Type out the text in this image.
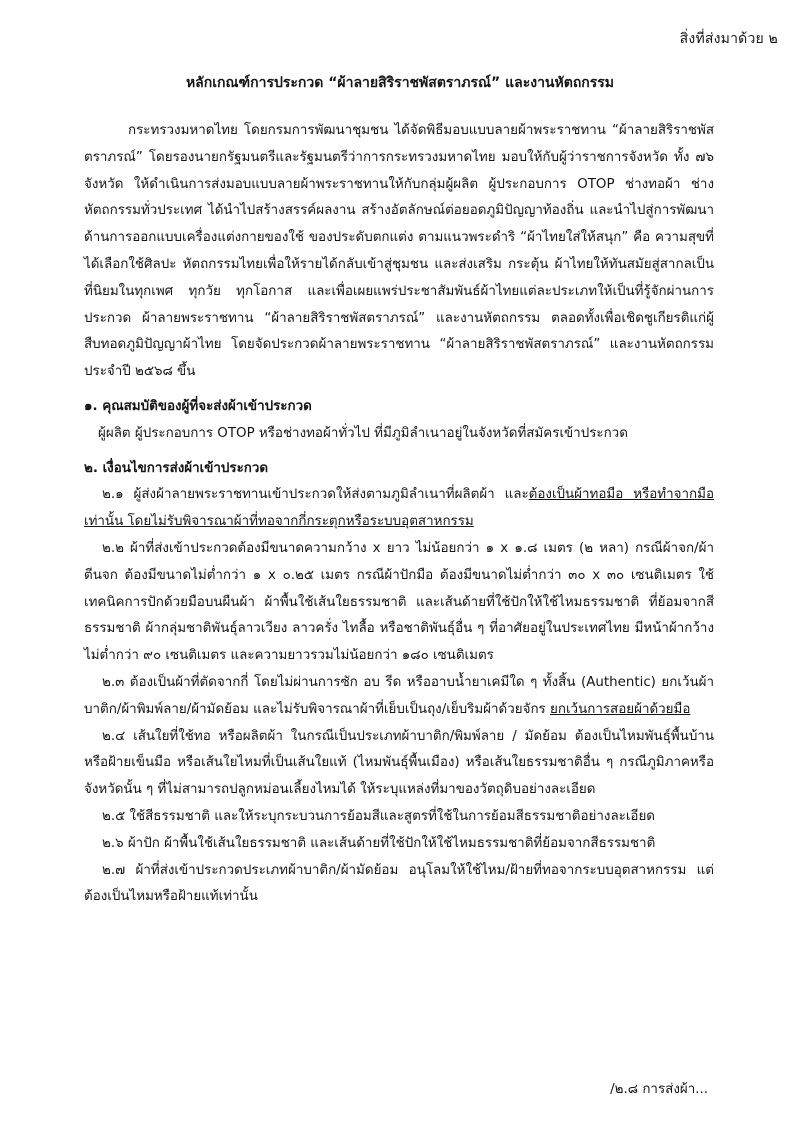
สิ่งที่ส่งมาด้วย ๒
หลักเกณฑ์การประกวด “ผ้าลายสิริราชพัสตราภรณ์” และงานหัตถกรรม

กระทรวงมหาดไทย โดยกรมการพัฒนาชุมชน ได้จัดพิธีมอบแบบลายผ้าพระราชทาน “ผ้าลายสิริราชพัสตราภรณ์” โดยรองนายกรัฐมนตรีและรัฐมนตรีว่าการกระทรวงมหาดไทย มอบให้กับผู้ว่าราชการจังหวัด ทั้ง ๗๖ จังหวัด ให้ดำเนินการส่งมอบแบบลายผ้าพระราชทานให้กับกลุ่มผู้ผลิต ผู้ประกอบการ OTOP ช่างทอผ้า ช่างหัตถกรรมทั่วประเทศ ได้นำไปสร้างสรรค์ผลงาน สร้างอัตลักษณ์ต่อยอดภูมิปัญญาท้องถิ่น และนำไปสู่การพัฒนาด้านการออกแบบเครื่องแต่งกายของใช้ ของประดับตกแต่ง ตามแนวพระดำริ “ผ้าไทยใส่ให้สนุก” คือ ความสุขที่ได้เลือกใช้ศิลปะ หัตถกรรมไทยเพื่อให้รายได้กลับเข้าสู่ชุมชน และส่งเสริม กระตุ้น ผ้าไทยให้ทันสมัยสู่สากลเป็นที่นิยมในทุกเพศ ทุกวัย ทุกโอกาส และเพื่อเผยแพร่ประชาสัมพันธ์ผ้าไทยแต่ละประเภทให้เป็นที่รู้จักผ่านการประกวด ผ้าลายพระราชทาน “ผ้าลายสิริราชพัสตราภรณ์” และงานหัตถกรรม ตลอดทั้งเพื่อเชิดชูเกียรติแก่ผู้สืบทอดภูมิปัญญาผ้าไทย โดยจัดประกวดผ้าลายพระราชทาน “ผ้าลายสิริราชพัสตราภรณ์” และงานหัตถกรรม ประจำปี ๒๕๖๘ ขึ้น

๑. คุณสมบัติของผู้ที่จะส่งผ้าเข้าประกวด

ผู้ผลิต ผู้ประกอบการ OTOP หรือช่างทอผ้าทั่วไป ที่มีภูมิลำเนาอยู่ในจังหวัดที่สมัครเข้าประกวด

๒. เงื่อนไขการส่งผ้าเข้าประกวด

๒.๑ ผู้ส่งผ้าลายพระราชทานเข้าประกวดให้ส่งตามภูมิลำเนาที่ผลิตผ้า และต้องเป็นผ้าทอมือ หรือทำจากมือเท่านั้น โดยไม่รับพิจารณาผ้าที่ทอจากกี่กระตุกหรือระบบอุตสาหกรรม

๒.๒ ผ้าที่ส่งเข้าประกวดต้องมีขนาดความกว้าง x ยาว ไม่น้อยกว่า ๑ x ๑.๘ เมตร (๒ หลา) กรณีผ้าจก/ผ้าตีนจก ต้องมีขนาดไม่ต่ำกว่า ๑ x ๐.๒๕ เมตร กรณีผ้าปักมือ ต้องมีขนาดไม่ต่ำกว่า ๓๐ x ๓๐ เซนติเมตร ใช้เทคนิคการปักด้วยมือบนผืนผ้า ผ้าพื้นใช้เส้นใยธรรมชาติ และเส้นด้ายที่ใช้ปักให้ใช้ไหมธรรมชาติ ที่ย้อมจากสีธรรมชาติ ผ้ากลุ่มชาติพันธุ์ลาวเวียง ลาวครั่ง ไทลื้อ หรือชาติพันธุ์อื่น ๆ ที่อาศัยอยู่ในประเทศไทย มีหน้าผ้ากว้างไม่ต่ำกว่า ๙๐ เซนติเมตร และความยาวรวมไม่น้อยกว่า ๑๘๐ เซนติเมตร

๒.๓ ต้องเป็นผ้าที่ตัดจากกี่ โดยไม่ผ่านการซัก อบ รีด หรืออาบน้ำยาเคมีใด ๆ ทั้งสิ้น (Authentic) ยกเว้นผ้าบาติก/ผ้าพิมพ์ลาย/ผ้ามัดย้อม และไม่รับพิจารณาผ้าที่เย็บเป็นถุง/เย็บริมผ้าด้วยจักร ยกเว้นการสอยผ้าด้วยมือ

๒.๔ เส้นใยที่ใช้ทอ หรือผลิตผ้า ในกรณีเป็นประเภทผ้าบาติก/พิมพ์ลาย / มัดย้อม ต้องเป็นไหมพันธุ์พื้นบ้านหรือฝ้ายเข็นมือ หรือเส้นใยไหมที่เป็นเส้นใยแท้ (ไหมพันธุ์พื้นเมือง) หรือเส้นใยธรรมชาติอื่น ๆ กรณีภูมิภาคหรือจังหวัดนั้น ๆ ที่ไม่สามารถปลูกหม่อนเลี้ยงไหมได้ ให้ระบุแหล่งที่มาของวัตถุดิบอย่างละเอียด

๒.๕ ใช้สีธรรมชาติ และให้ระบุกระบวนการย้อมสีและสูตรที่ใช้ในการย้อมสีธรรมชาติอย่างละเอียด

๒.๖ ผ้าปัก ผ้าพื้นใช้เส้นใยธรรมชาติ และเส้นด้ายที่ใช้ปักให้ใช้ไหมธรรมชาติที่ย้อมจากสีธรรมชาติ

๒.๗ ผ้าที่ส่งเข้าประกวดประเภทผ้าบาติก/ผ้ามัดย้อม อนุโลมให้ใช้ไหม/ฝ้ายที่ทอจากระบบอุตสาหกรรม แต่ต้องเป็นไหมหรือฝ้ายแท้เท่านั้น

/๒.๘ การส่งผ้า...
